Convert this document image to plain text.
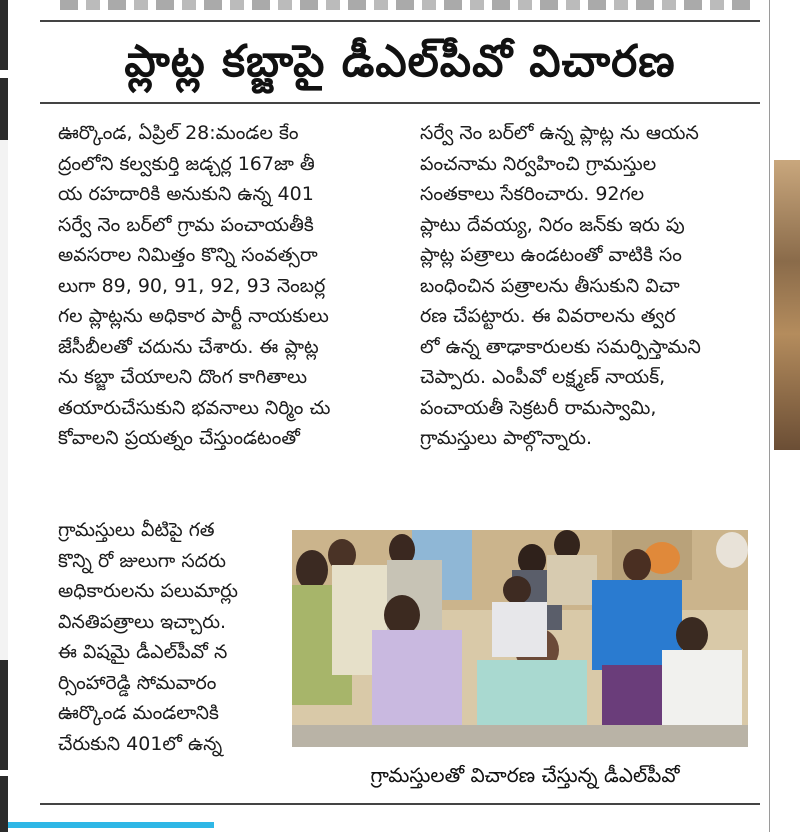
ప్లాట్ల కబ్జాపై డీఎల్‌పీవో విచారణ
ఊర్కొండ, ఏప్రిల్ 28:మండల కేం
ద్రంలోని కల్వకుర్తి జడ్చర్ల 167జా తీ
య రహదారికి అనుకుని ఉన్న 401
సర్వే నెం బర్‌లో గ్రామ పంచాయతీకి
అవసరాల నిమిత్తం కొన్ని సంవత్సరా
లుగా 89, 90, 91, 92, 93 నెంబర్ల
గల ప్లాట్లను అధికార పార్టీ నాయకులు
జేసీబీలతో చదును చేశారు. ఈ ప్లాట్ల
ను కబ్జా చేయాలని దొంగ కాగితాలు
తయారుచేసుకుని భవనాలు నిర్మిం చు
కోవాలని ప్రయత్నం చేస్తుండటంతో
గ్రామస్తులు వీటిపై గత
కొన్ని రో జులుగా సదరు
అధికారులను పలుమార్లు
వినతిపత్రాలు ఇచ్చారు.
ఈ విషమై డీఎల్‌పీవో న
ర్సింహారెడ్డి సోమవారం
ఊర్కొండ మండలానికి
చేరుకుని 401లో ఉన్న
సర్వే నెం బర్‌లో ఉన్న ప్లాట్ల ను ఆయన
పంచనామ నిర్వహించి గ్రామస్తుల
సంతకాలు సేకరించారు. 92గల
ప్లాటు దేవయ్య, నిరం జన్‌కు ఇరు పు
ప్లాట్ల పత్రాలు ఉండటంతో వాటికి సం
బంధించిన పత్రాలను తీసుకుని విచా
రణ చేపట్టారు. ఈ వివరాలను త్వర
లో ఉన్న తాఢాకారులకు సమర్పిస్తామని
చెప్పారు. ఎంపీవో లక్ష్మణ్ నాయక్,
పంచాయతీ సెక్రటరీ రామస్వామి,
గ్రామస్తులు పాల్గొన్నారు.
గ్రామస్తులతో విచారణ చేస్తున్న డీఎల్‌పీవో
